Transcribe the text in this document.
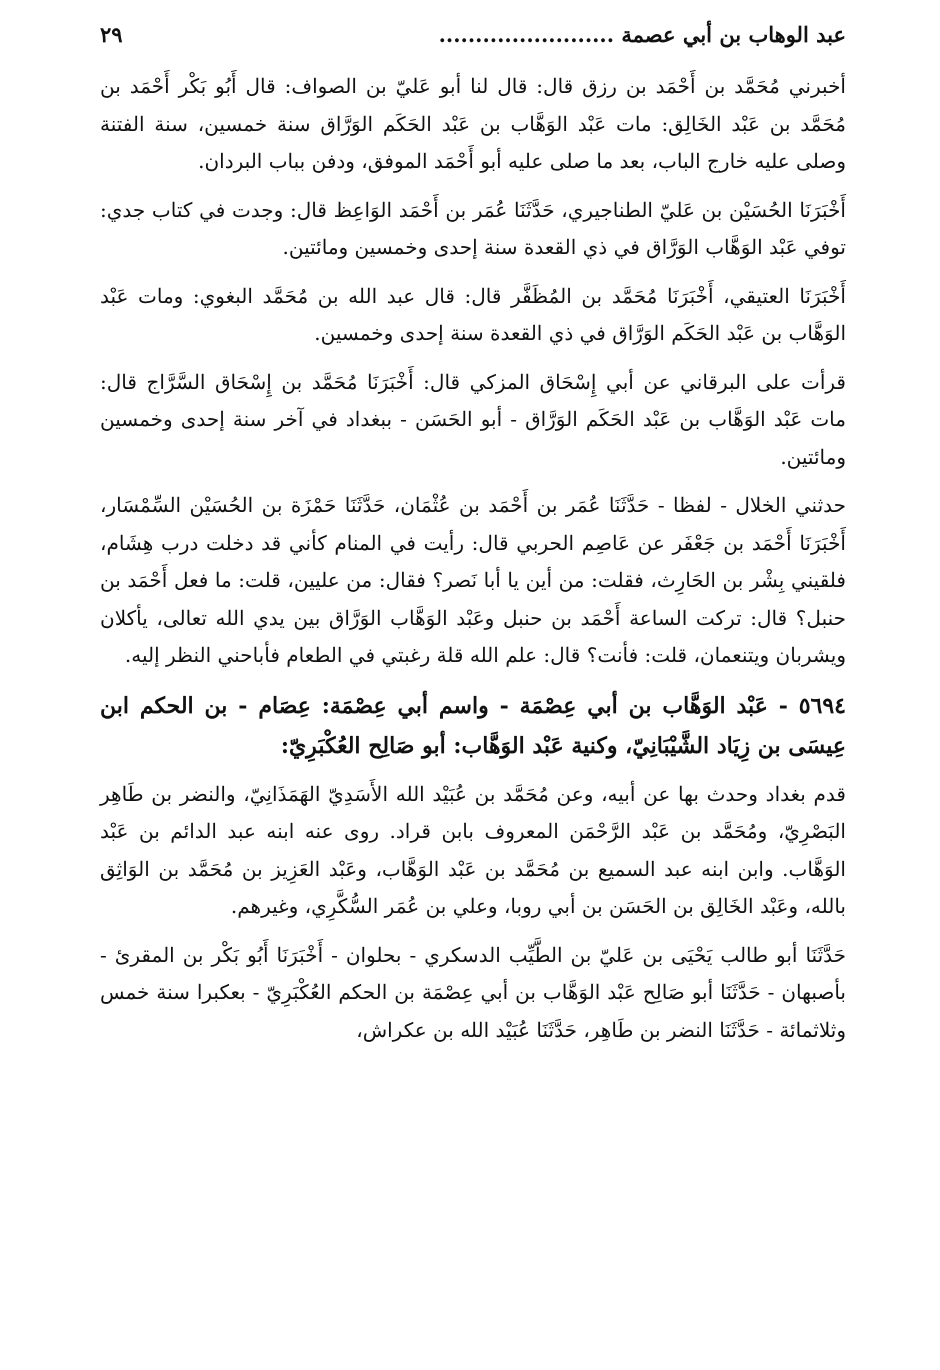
عبد الوهاب بن أبي عصمة ........................
٢٩

أخبرني مُحَمَّد بن أَحْمَد بن رزق قال: قال لنا أبو عَليّ بن الصواف: قال أَبُو بَكْر أَحْمَد بن مُحَمَّد بن عَبْد الخَالِق: مات عَبْد الوَهَّاب بن عَبْد الحَكَم الوَرَّاق سنة خمسين، سنة الفتنة وصلى عليه خارج الباب، بعد ما صلى عليه أبو أَحْمَد الموفق، ودفن بباب البردان.

أَخْبَرَنَا الحُسَيْن بن عَليّ الطناجيري، حَدَّثَنَا عُمَر بن أَحْمَد الوَاعِظ قال: وجدت في كتاب جدي: توفي عَبْد الوَهَّاب الوَرَّاق في ذي القعدة سنة إحدى وخمسين ومائتين.

أَخْبَرَنَا العتيقي، أَخْبَرَنَا مُحَمَّد بن المُظَفَّر قال: قال عبد الله بن مُحَمَّد البغوي: ومات عَبْد الوَهَّاب بن عَبْد الحَكَم الوَرَّاق في ذي القعدة سنة إحدى وخمسين.

قرأت على البرقاني عن أبي إِسْحَاق المزكي قال: أَخْبَرَنَا مُحَمَّد بن إِسْحَاق السَّرَّاج قال: مات عَبْد الوَهَّاب بن عَبْد الحَكَم الوَرَّاق - أبو الحَسَن - ببغداد في آخر سنة إحدى وخمسين ومائتين.

حدثني الخلال - لفظا - حَدَّثَنَا عُمَر بن أَحْمَد بن عُثْمَان، حَدَّثَنَا حَمْزَة بن الحُسَيْن السِّمْسَار، أَخْبَرَنَا أَحْمَد بن جَعْفَر عن عَاصِم الحربي قال: رأيت في المنام كأني قد دخلت درب هِشَام، فلقيني بِشْر بن الحَارِث، فقلت: من أين يا أبا نَصر؟ فقال: من عليين، قلت: ما فعل أَحْمَد بن حنبل؟ قال: تركت الساعة أَحْمَد بن حنبل وعَبْد الوَهَّاب الوَرَّاق بين يدي الله تعالى، يأكلان ويشربان ويتنعمان، قلت: فأنت؟ قال: علم الله قلة رغبتي في الطعام فأباحني النظر إليه.

٥٦٩٤ - عَبْد الوَهَّاب بن أبي عِصْمَة - واسم أبي عِصْمَة: عِصَام - بن الحكم ابن عِيسَى بن زِيَاد الشَّيْبَانِيّ، وكنية عَبْد الوَهَّاب: أبو صَالِح العُكْبَرِيّ:

قدم بغداد وحدث بها عن أبيه، وعن مُحَمَّد بن عُبَيْد الله الأَسَدِيّ الهَمَذَانِيّ، والنضر بن طَاهِر البَصْرِيّ، ومُحَمَّد بن عَبْد الرَّحْمَن المعروف بابن قراد. روى عنه ابنه عبد الدائم بن عَبْد الوَهَّاب. وابن ابنه عبد السميع بن مُحَمَّد بن عَبْد الوَهَّاب، وعَبْد العَزِيز بن مُحَمَّد بن الوَاثِق بالله، وعَبْد الخَالِق بن الحَسَن بن أبي روبا، وعلي بن عُمَر السُّكَّرِي، وغيرهم.

حَدَّثَنَا أبو طالب يَحْيَى بن عَليّ بن الطَّيِّب الدسكري - بحلوان - أَخْبَرَنَا أَبُو بَكْر بن المقرئ - بأصبهان - حَدَّثَنَا أبو صَالِح عَبْد الوَهَّاب بن أبي عِصْمَة بن الحكم العُكْبَرِيّ - بعكبرا سنة خمس وثلاثمائة - حَدَّثَنَا النضر بن طَاهِر، حَدَّثَنَا عُبَيْد الله بن عكراش،
